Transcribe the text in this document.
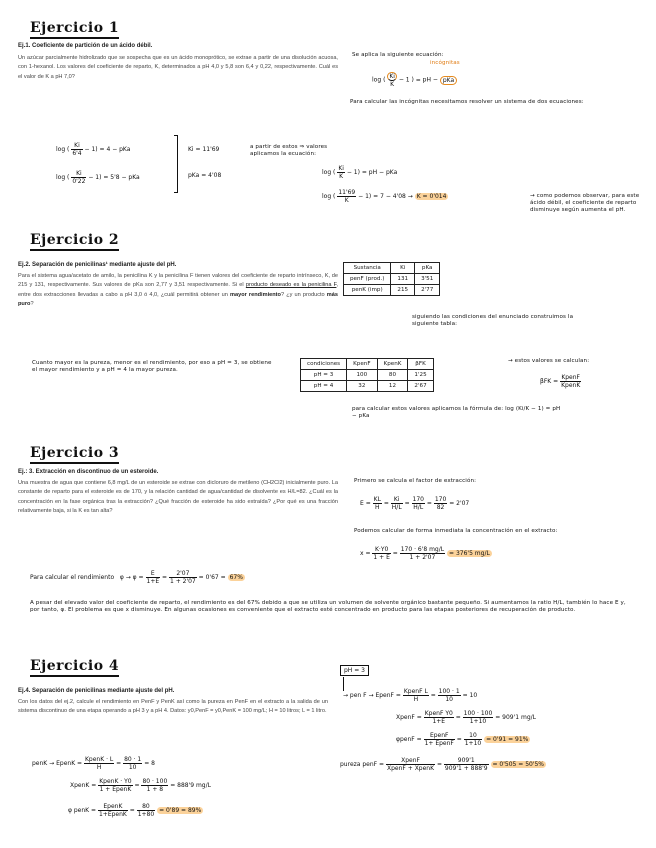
Ejercicio 1
Ej.1. Coeficiente de partición de un ácido débil.
Un azúcar parcialmente hidrolizado que se sospecha que es un ácido monoprótico, se extrae a partir de una disolución acuosa, con 1-hexanol. Los valores del coeficiente de reparto, K, determinados a pH 4,0 y 5,8 son 6,4 y 0,22, respectivamente. Cuál es el valor de K a pH 7,0?
Se aplica la siguiente ecuación:
incógnitas
log ( $\frac{Ki}{K} - 1$ ) = pH − pKa
Para calcular las incógnitas necesitamos resolver un sistema de dos ecuaciones:
log ( $\frac{Ki}{6'4} - 1) = 4$ − pKa
log ( $\frac{Ki}{0'22} - 1) = 5'8$ − pKa
Ki = 11'69
pKa = 4'08
a partir de estos ⇒ valores aplicamos la ecuación:
log ( $\frac{Ki}{K} - 1$) = pH − pKa
log ( $\frac{11'69}{K} - 1) = 7 - 4'08 \to K = 0'014$	→ como podemos observar, para este ácido débil, el coeficiente de reparto disminuye según aumenta el pH.
Ejercicio 2
Ej.2. Separación de penicilinas¹ mediante ajuste del pH.
Para el sistema agua/acetato de amilo, la penicilina K y la penicilina F tienen valores del coeficiente de reparto intrínseco, K, de 215 y 131, respectivamente. Sus valores de pKa son 2,77 y 3,51 respectivamente. Si el producto deseado es la penicilina F, entre dos extracciones llevadas a cabo a pH 3,0 ó 4,0, ¿cuál permitirá obtener un mayor rendimiento? ¿y un producto más puro?
Sustancia	Ki	pKa
penF (prod.)	131	3'51
penK (imp)	215	2'77
siguiendo las condiciones del enunciado construimos la siguiente tabla:
Cuanto mayor es la pureza, menor es el rendimiento, por eso a pH = 3, se obtiene el mayor rendimiento y a pH = 4 la mayor pureza.
condiciones	KpenF	KpenK	βFK
pH = 3	100	80	1'25
pH = 4	32	12	2'67
→ estos valores se calculan:
$\beta FK = \frac{\text{KpenF}}{\text{KpenK}}$
para calcular estos valores aplicamos la fórmula de: log (Ki/K − 1) = pH − pKa
Ejercicio 3
Ej.: 3. Extracción en discontinuo de un esteroide.
Una muestra de agua que contiene 6,8 mg/L de un esteroide se extrae con dicloruro de metileno (CH2Cl2) inicialmente puro. La constante de reparto para el esteroide es de 170, y la relación cantidad de agua/cantidad de disolvente es H/L=82. ¿Cuál es la concentración en la fase orgánica tras la extracción? ¿Qué fracción de esteroide ha sido extraída? ¿Por qué es una fracción relativamente baja, si la K es tan alta?
Primero se calcula el factor de extracción:
$E = \frac{KL}{H} = \frac{Ki}{H/L} = \frac{170}{H/L} = \frac{170}{82} = 2'07$
Podemos calcular de forma inmediata la concentración en el extracto:
$x = \frac{K\cdot Y0}{1 + E} = \frac{170 \cdot 6'8 mg/L}{1 + 2'07} = 376'5$ mg/L
Para calcular el rendimiento $\varphi \to \varphi = \frac{E}{1+E} = \frac{2'07}{1 + 2'07} = 0'67 = 67\%$
A pesar del elevado valor del coeficiente de reparto, el rendimiento es del 67% debido a que se utiliza un volumen de solvente orgánico bastante pequeño. Si aumentamos la ratio H/L, también lo hace E y, por tanto, φ. El problema es que x disminuye. En algunas ocasiones es conveniente que el extracto esté concentrado en producto para las etapas posteriores de recuperación de producto.
Ejercicio 4
Ej.4. Separación de penicilinas mediante ajuste del pH.
Con los datos del ej.2, calcule el rendimiento en PenF y PenK así como la pureza en PenF en el extracto a la salida de un sistema discontinuo de una etapa operando a pH 3 y a pH 4. Datos: y0,PenF = y0,PenK = 100 mg/L; H = 10 litros; L = 1 litro.
pH = 3
→ pen F → EpenF = $\frac{\text{KpenF L}}{H} = \frac{100 \cdot 1}{10} = 10$
XpenF = $\frac{\text{KpenF Y0}}{1+E} = \frac{100 \cdot 100}{1+10} = 909'1$ mg/L
φpenF = $\frac{\text{EpenF}}{\text{1+ EpenF}} = \frac{10}{1+10} = 0'91 = 91\%$
pureza penF = $\frac{\text{XpenF}}{\text{XpenF + XpenK}} = \frac{909'1}{909'1 + 888'9} = 0'505 = 50'5\%$
penK → EpenK = $\frac{\text{KpenK · L}}{H} = \frac{80 \cdot 1}{10} = 8$
XpenK = $\frac{\text{KpenK · Y0}}{\text{1 + EpenK}} = \frac{80 \cdot 100}{1 + 8} = 888'9$ mg/L
φ penK = $\frac{\text{EpenK}}{\text{1+EpenK}} = \frac{80}{1+80} = 0'89 = 89\%$
